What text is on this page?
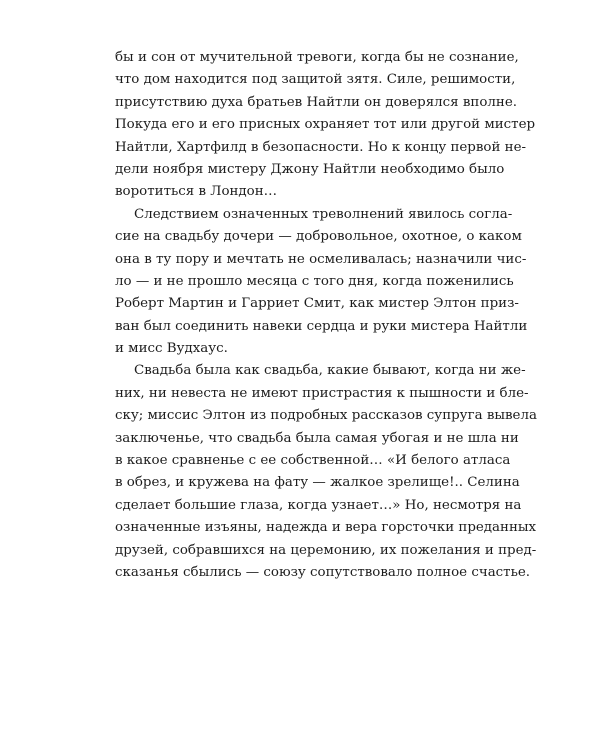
бы и сон от мучительной тревоги, когда бы не сознание,
что дом находится под защитой зятя. Силе, решимости,
присутствию духа братьев Найтли он доверялся вполне.
Покуда его и его присных охраняет тот или другой мистер
Найтли, Хартфилд в безопасности. Но к концу первой не-
дели ноября мистеру Джону Найтли необходимо было
воротиться в Лондон…
Следствием означенных треволнений явилось согла-
сие на свадьбу дочери — добровольное, охотное, о каком
она в ту пору и мечтать не осмеливалась; назначили чис-
ло — и не прошло месяца с того дня, когда поженились
Роберт Мартин и Гарриет Смит, как мистер Элтон приз-
ван был соединить навеки сердца и руки мистера Найтли
и мисс Вудхаус.
Свадьба была как свадьба, какие бывают, когда ни же-
них, ни невеста не имеют пристрастия к пышности и бле-
ску; миссис Элтон из подробных рассказов супруга вывела
заключенье, что свадьба была самая убогая и не шла ни
в какое сравненье с ее собственной… «И белого атласа
в обрез, и кружева на фату — жалкое зрелище!.. Селина
сделает большие глаза, когда узнает…» Но, несмотря на
означенные изъяны, надежда и вера горсточки преданных
друзей, собравшихся на церемонию, их пожелания и пред-
сказанья сбылись — союзу сопутствовало полное счастье.
